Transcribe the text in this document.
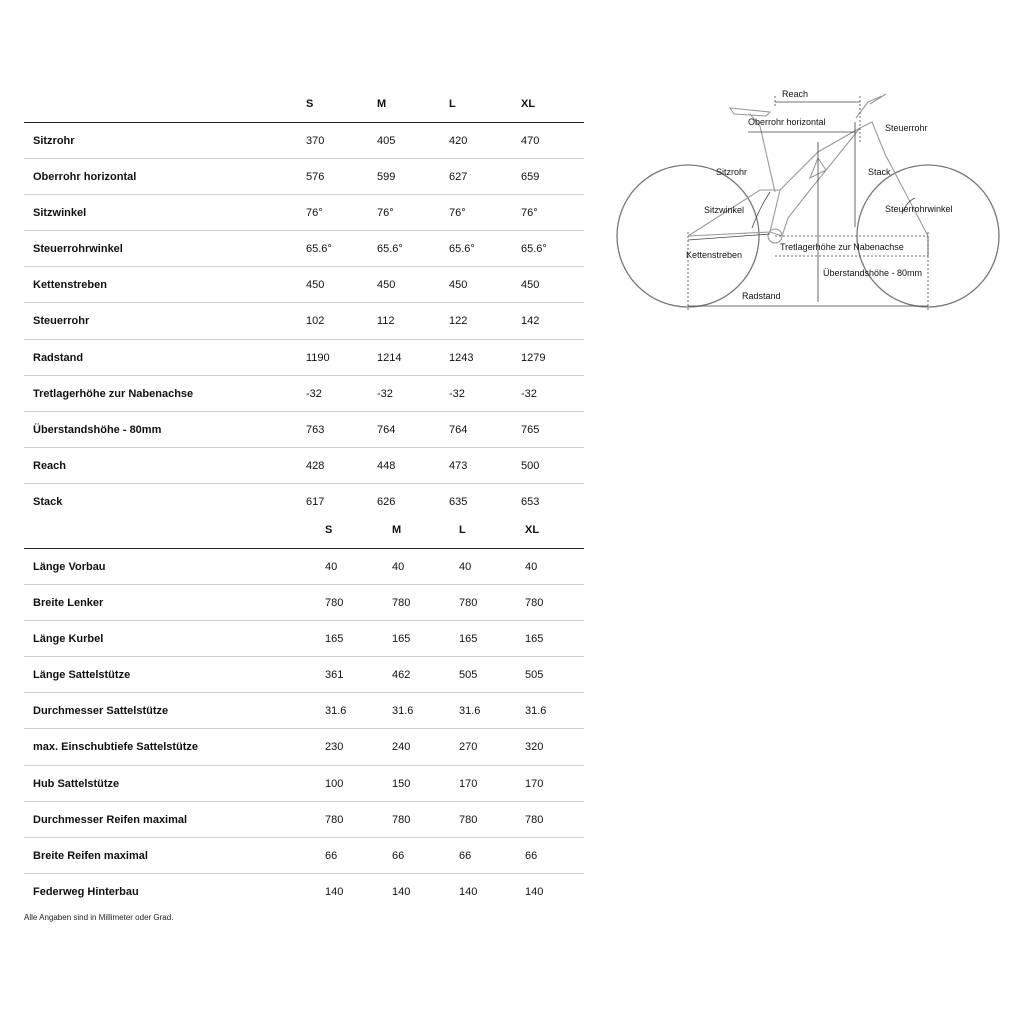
S	M	L	XL
Sitzrohr	370	405	420	470
Oberrohr horizontal	576	599	627	659
Sitzwinkel	76°	76°	76°	76°
Steuerrohrwinkel	65.6°	65.6°	65.6°	65.6°
Kettenstreben	450	450	450	450
Steuerrohr	102	112	122	142
Radstand	1190	1214	1243	1279
Tretlagerhöhe zur Nabenachse	-32	-32	-32	-32
Überstandshöhe - 80mm	763	764	764	765
Reach	428	448	473	500
Stack	617	626	635	653
S	M	L	XL
Länge Vorbau	40	40	40	40
Breite Lenker	780	780	780	780
Länge Kurbel	165	165	165	165
Länge Sattelstütze	361	462	505	505
Durchmesser Sattelstütze	31.6	31.6	31.6	31.6
max. Einschubtiefe Sattelstütze	230	240	270	320
Hub Sattelstütze	100	150	170	170
Durchmesser Reifen maximal	780	780	780	780
Breite Reifen maximal	66	66	66	66
Federweg Hinterbau	140	140	140	140
Alle Angaben sind in Millimeter oder Grad.
Reach
Oberrohr horizontal
Steuerrohr
Sitzrohr	Stack
Sitzwinkel	Steuerrohrwinkel
Tretlagerhöhe zur Nabenachse
Kettenstreben
Überstandshöhe - 80mm
Radstand
